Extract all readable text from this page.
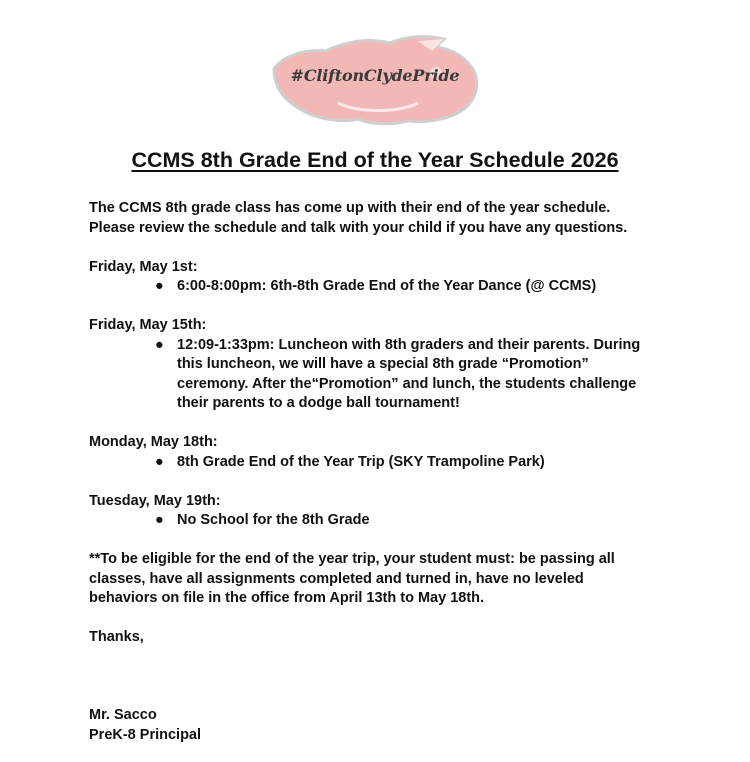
#CliftonClydePride
CCMS 8th Grade End of the Year Schedule 2026

The CCMS 8th grade class has come up with their end of the year schedule.

Please review the schedule and talk with your child if you have any questions.

Friday, May 1st:

● 6:00-8:00pm: 6th-8th Grade End of the Year Dance (@ CCMS)

Friday, May 15th:

● 12:09-1:33pm: Luncheon with 8th graders and their parents. During this luncheon, we will have a special 8th grade “Promotion” ceremony. After the“Promotion” and lunch, the students challenge their parents to a dodge ball tournament!

Monday, May 18th:

● 8th Grade End of the Year Trip (SKY Trampoline Park)

Tuesday, May 19th:

● No School for the 8th Grade

**To be eligible for the end of the year trip, your student must: be passing all classes, have all assignments completed and turned in, have no leveled behaviors on file in the office from April 13th to May 18th.

Thanks,

Mr. Sacco

PreK-8 Principal
